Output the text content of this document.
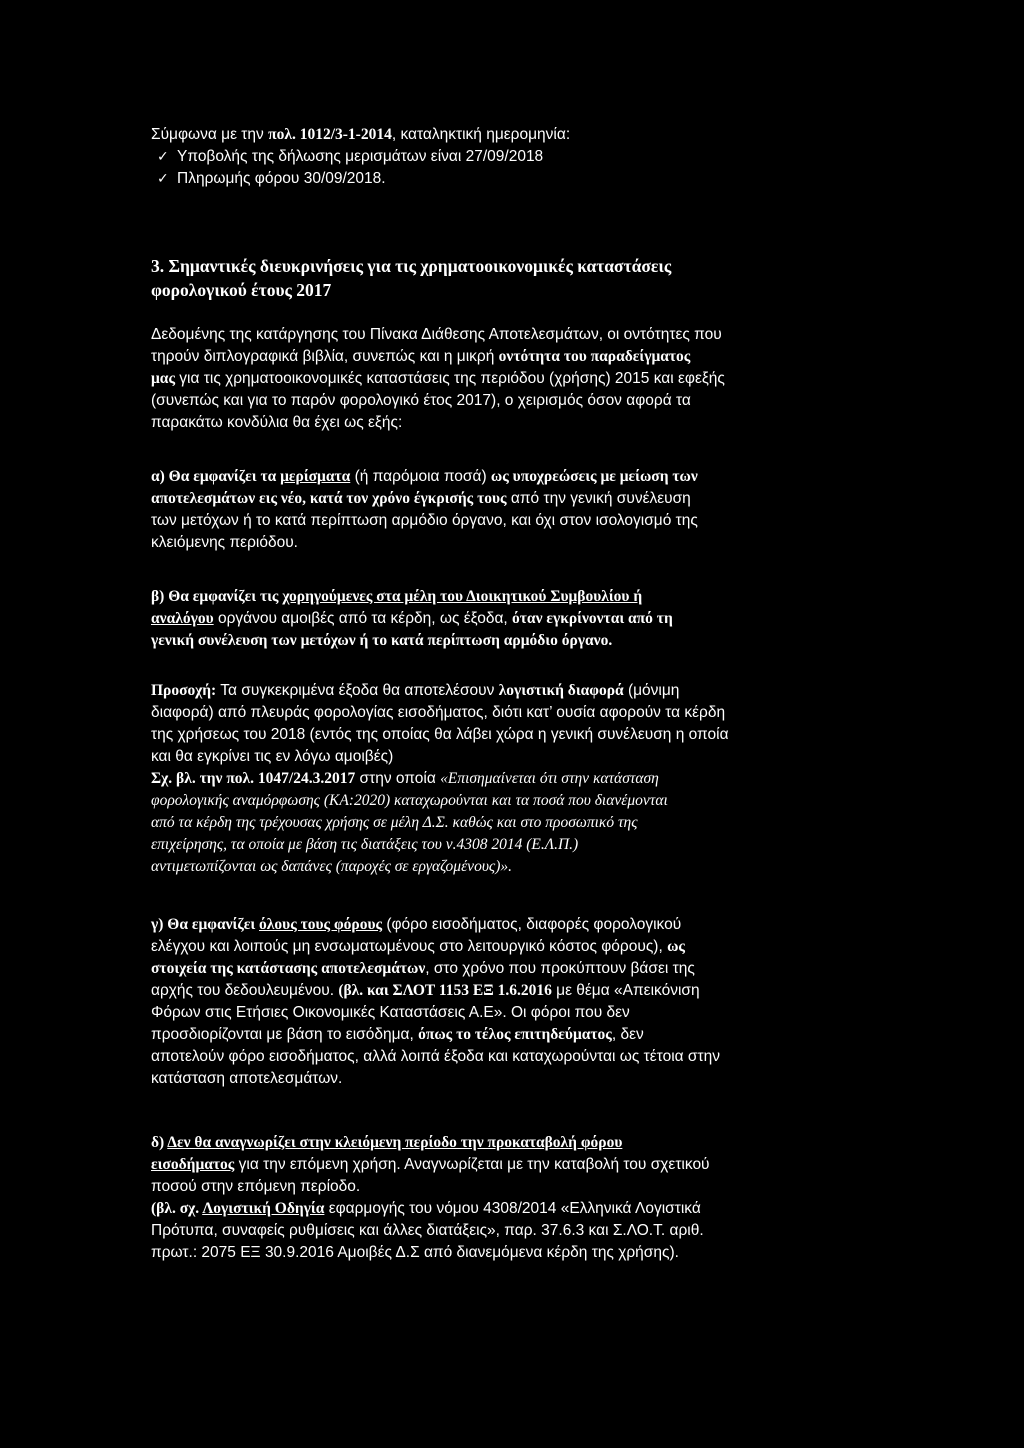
Σύμφωνα με την πολ. 1012/3-1-2014, καταληκτική ημερομηνία:
✓ Υποβολής της δήλωσης μερισμάτων είναι 27/09/2018
✓ Πληρωμής φόρου 30/09/2018.
3. Σημαντικές διευκρινήσεις για τις χρηματοοικονομικές καταστάσεις
φορολογικού έτους 2017
Δεδομένης της κατάργησης του Πίνακα Διάθεσης Αποτελεσμάτων, οι οντότητες που
τηρούν διπλογραφικά βιβλία, συνεπώς και η μικρή οντότητα του παραδείγματος
μας για τις χρηματοοικονομικές καταστάσεις της περιόδου (χρήσης) 2015 και εφεξής
(συνεπώς και για το παρόν φορολογικό έτος 2017), ο χειρισμός όσον αφορά τα
παρακάτω κονδύλια θα έχει ως εξής:
α) Θα εμφανίζει τα μερίσματα (ή παρόμοια ποσά) ως υποχρεώσεις με μείωση των
αποτελεσμάτων εις νέο, κατά τον χρόνο έγκρισής τους από την γενική συνέλευση
των μετόχων ή το κατά περίπτωση αρμόδιο όργανο, και όχι στον ισολογισμό της
κλειόμενης περιόδου.
β) Θα εμφανίζει τις χορηγούμενες στα μέλη του Διοικητικού Συμβουλίου ή
αναλόγου οργάνου αμοιβές από τα κέρδη, ως έξοδα, όταν εγκρίνονται από τη
γενική συνέλευση των μετόχων ή το κατά περίπτωση αρμόδιο όργανο.
Προσοχή: Τα συγκεκριμένα έξοδα θα αποτελέσουν λογιστική διαφορά (μόνιμη
διαφορά) από πλευράς φορολογίας εισοδήματος, διότι κατ’ ουσία αφορούν τα κέρδη
της χρήσεως του 2018 (εντός της οποίας θα λάβει χώρα η γενική συνέλευση η οποία
και θα εγκρίνει τις εν λόγω αμοιβές)
Σχ. βλ. την πολ. 1047/24.3.2017 στην οποία «Επισημαίνεται ότι στην κατάσταση
φορολογικής αναμόρφωσης (ΚΑ:2020) καταχωρούνται και τα ποσά που διανέμονται
από τα κέρδη της τρέχουσας χρήσης σε μέλη Δ.Σ. καθώς και στο προσωπικό της
επιχείρησης, τα οποία με βάση τις διατάξεις του ν.4308 2014 (Ε.Λ.Π.)
αντιμετωπίζονται ως δαπάνες (παροχές σε εργαζομένους)».
γ) Θα εμφανίζει όλους τους φόρους (φόρο εισοδήματος, διαφορές φορολογικού
ελέγχου και λοιπούς μη ενσωματωμένους στο λειτουργικό κόστος φόρους), ως
στοιχεία της κατάστασης αποτελεσμάτων, στο χρόνο που προκύπτουν βάσει της
αρχής του δεδουλευμένου. (βλ. και ΣΛΟΤ 1153 ΕΞ 1.6.2016 με θέμα «Απεικόνιση
Φόρων στις Ετήσιες Οικονομικές Καταστάσεις Α.Ε». Οι φόροι που δεν
προσδιορίζονται με βάση το εισόδημα, όπως το τέλος επιτηδεύματος, δεν
αποτελούν φόρο εισοδήματος, αλλά λοιπά έξοδα και καταχωρούνται ως τέτοια στην
κατάσταση αποτελεσμάτων.
δ) Δεν θα αναγνωρίζει στην κλειόμενη περίοδο την προκαταβολή φόρου
εισοδήματος για την επόμενη χρήση. Αναγνωρίζεται με την καταβολή του σχετικού
ποσού στην επόμενη περίοδο.
(βλ. σχ. Λογιστική Οδηγία εφαρμογής του νόμου 4308/2014 «Ελληνικά Λογιστικά
Πρότυπα, συναφείς ρυθμίσεις και άλλες διατάξεις», παρ. 37.6.3 και Σ.ΛΟ.Τ. αριθ.
πρωτ.: 2075 ΕΞ 30.9.2016 Αμοιβές Δ.Σ από διανεμόμενα κέρδη της χρήσης).
